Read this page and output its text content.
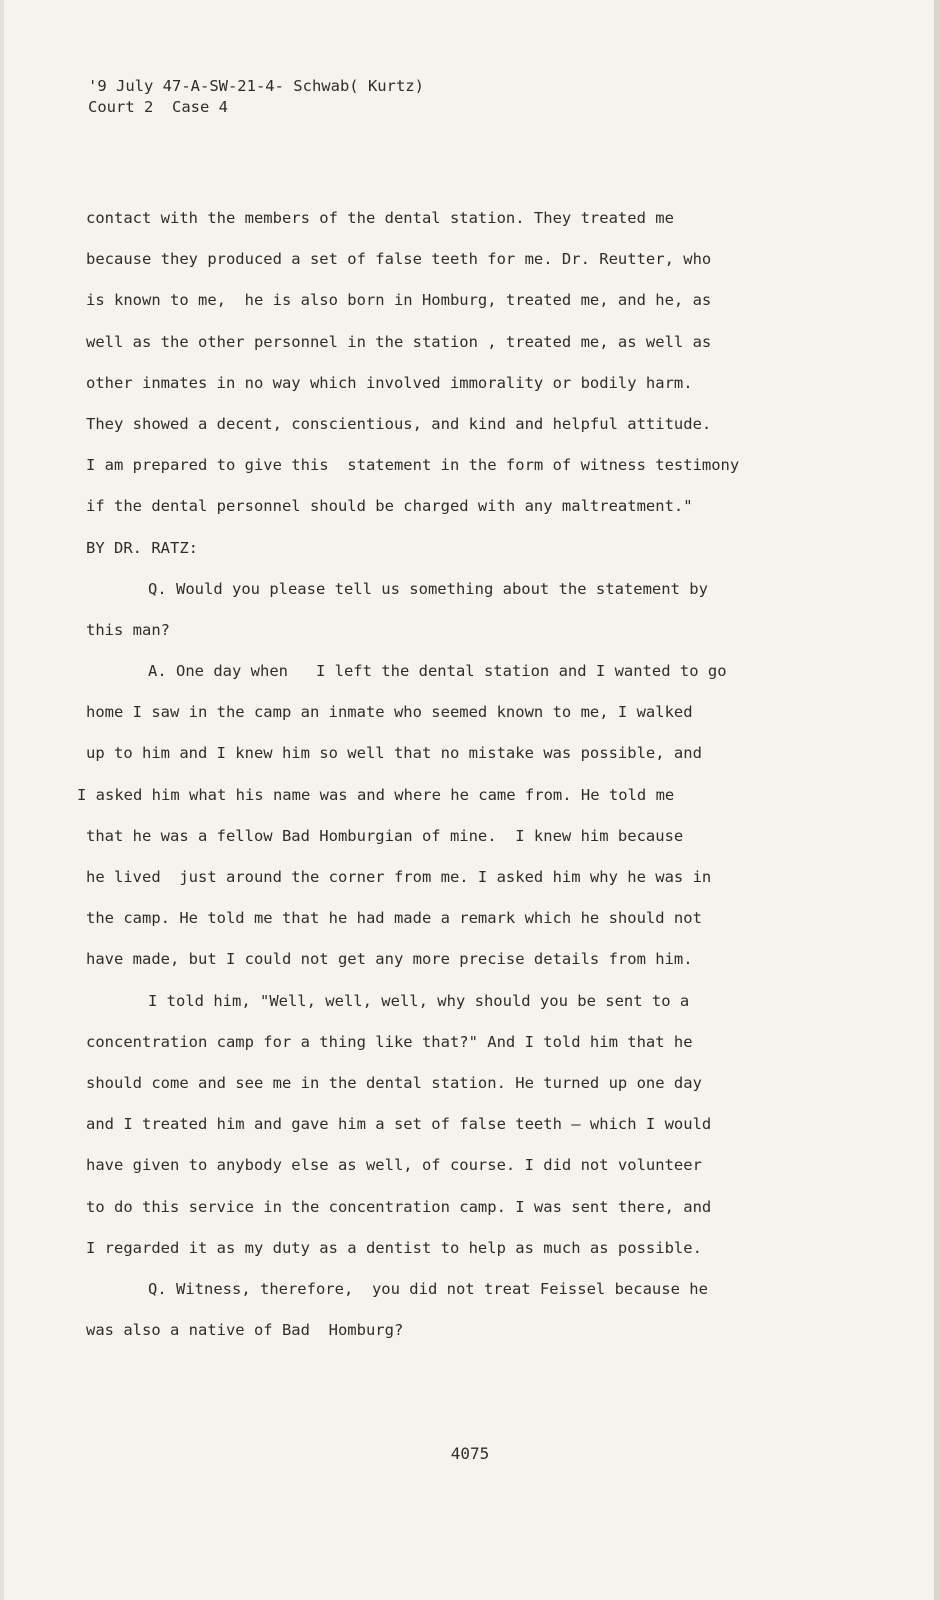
'9 July 47-A-SW-21-4- Schwab( Kurtz)
Court 2  Case 4
contact with the members of the dental station. They treated me
because they produced a set of false teeth for me. Dr. Reutter, who
is known to me,  he is also born in Homburg, treated me, and he, as
well as the other personnel in the station , treated me, as well as
other inmates in no way which involved immorality or bodily harm.
They showed a decent, conscientious, and kind and helpful attitude.
I am prepared to give this  statement in the form of witness testimony
if the dental personnel should be charged with any maltreatment."
BY DR. RATZ:
Q. Would you please tell us something about the statement by
this man?
A. One day when   I left the dental station and I wanted to go
home I saw in the camp an inmate who seemed known to me, I walked
up to him and I knew him so well that no mistake was possible, and
I asked him what his name was and where he came from. He told me
that he was a fellow Bad Homburgian of mine.  I knew him because
he lived  just around the corner from me. I asked him why he was in
the camp. He told me that he had made a remark which he should not
have made, but I could not get any more precise details from him.
I told him, "Well, well, well, why should you be sent to a
concentration camp for a thing like that?" And I told him that he
should come and see me in the dental station. He turned up one day
and I treated him and gave him a set of false teeth — which I would
have given to anybody else as well, of course. I did not volunteer
to do this service in the concentration camp. I was sent there, and
I regarded it as my duty as a dentist to help as much as possible.
Q. Witness, therefore,  you did not treat Feissel because he
was also a native of Bad  Homburg?
4075
